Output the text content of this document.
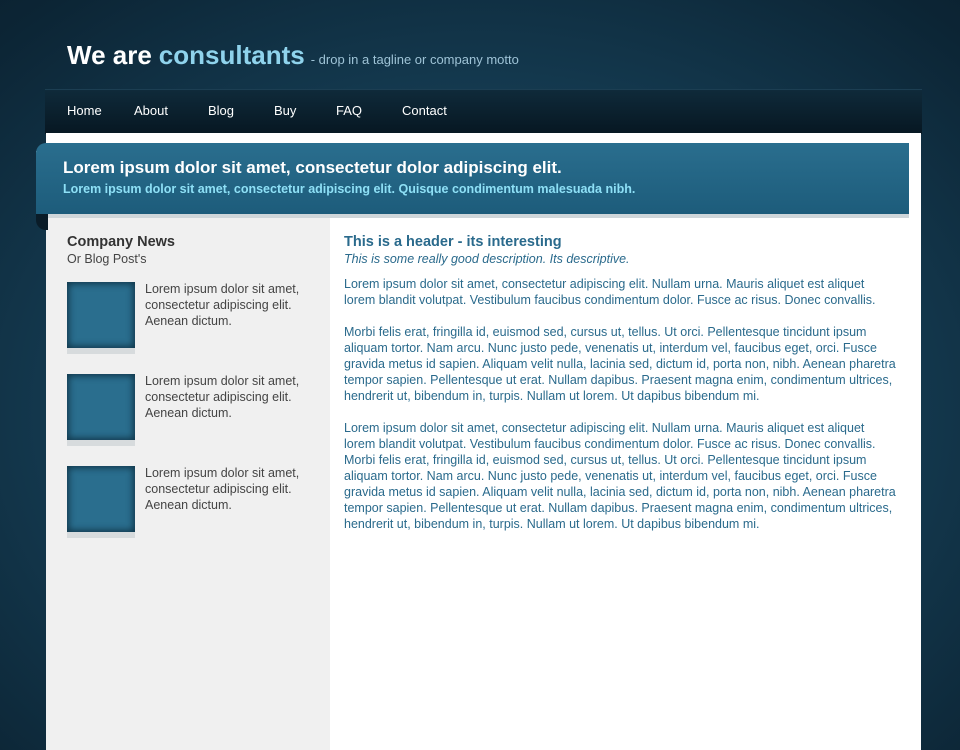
We are consultants - drop in a tagline or company motto
Home About	Blog	Buy	FAQ	Contact
Lorem ipsum dolor sit amet, consectetur dolor adipiscing elit.
Lorem ipsum dolor sit amet, consectetur adipiscing elit. Quisque condimentum malesuada nibh.
Company News
Or Blog Post's
Lorem ipsum dolor sit amet, consectetur adipiscing elit. Aenean dictum.
Lorem ipsum dolor sit amet, consectetur adipiscing elit. Aenean dictum.
Lorem ipsum dolor sit amet, consectetur adipiscing elit. Aenean dictum.
This is a header - its interesting
This is some really good description. Its descriptive.

Lorem ipsum dolor sit amet, consectetur adipiscing elit. Nullam urna. Mauris aliquet est aliquet lorem blandit volutpat. Vestibulum faucibus condimentum dolor. Fusce ac risus. Donec convallis.

Morbi felis erat, fringilla id, euismod sed, cursus ut, tellus. Ut orci. Pellentesque tincidunt ipsum aliquam tortor. Nam arcu. Nunc justo pede, venenatis ut, interdum vel, faucibus eget, orci. Fusce gravida metus id sapien. Aliquam velit nulla, lacinia sed, dictum id, porta non, nibh. Aenean pharetra tempor sapien. Pellentesque ut erat. Nullam dapibus. Praesent magna enim, condimentum ultrices, hendrerit ut, bibendum in, turpis. Nullam ut lorem. Ut dapibus bibendum mi.

Lorem ipsum dolor sit amet, consectetur adipiscing elit. Nullam urna. Mauris aliquet est aliquet lorem blandit volutpat. Vestibulum faucibus condimentum dolor. Fusce ac risus. Donec convallis. Morbi felis erat, fringilla id, euismod sed, cursus ut, tellus. Ut orci. Pellentesque tincidunt ipsum aliquam tortor. Nam arcu. Nunc justo pede, venenatis ut, interdum vel, faucibus eget, orci. Fusce gravida metus id sapien. Aliquam velit nulla, lacinia sed, dictum id, porta non, nibh. Aenean pharetra tempor sapien. Pellentesque ut erat. Nullam dapibus. Praesent magna enim, condimentum ultrices, hendrerit ut, bibendum in, turpis. Nullam ut lorem. Ut dapibus bibendum mi.
